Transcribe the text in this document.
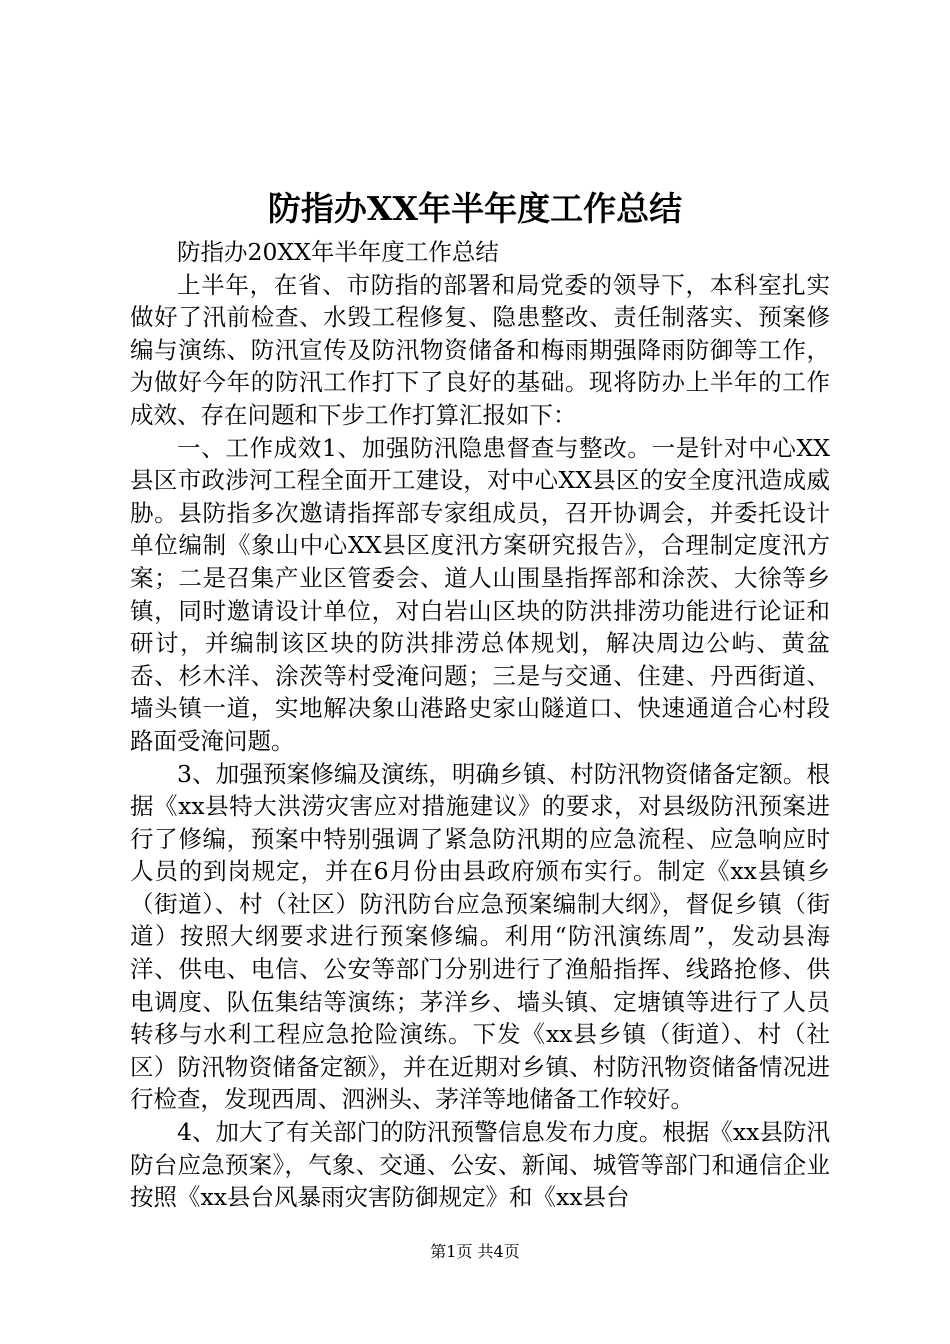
防指办XX年半年度工作总结

防指办20XX年半年度工作总结

上半年，在省、市防指的部署和局党委的领导下，本科室扎实做好了汛前检查、水毁工程修复、隐患整改、责任制落实、预案修编与演练、防汛宣传及防汛物资储备和梅雨期强降雨防御等工作，为做好今年的防汛工作打下了良好的基础。现将防办上半年的工作成效、存在问题和下步工作打算汇报如下：

一、工作成效1、加强防汛隐患督查与整改。一是针对中心XX县区市政涉河工程全面开工建设，对中心XX县区的安全度汛造成威胁。县防指多次邀请指挥部专家组成员，召开协调会，并委托设计单位编制《象山中心XX县区度汛方案研究报告》，合理制定度汛方案；二是召集产业区管委会、道人山围垦指挥部和涂茨、大徐等乡镇，同时邀请设计单位，对白岩山区块的防洪排涝功能进行论证和研讨，并编制该区块的防洪排涝总体规划，解决周边公屿、黄盆岙、杉木洋、涂茨等村受淹问题；三是与交通、住建、丹西街道、墙头镇一道，实地解决象山港路史家山隧道口、快速通道合心村段路面受淹问题。

3、加强预案修编及演练，明确乡镇、村防汛物资储备定额。根据《xx县特大洪涝灾害应对措施建议》的要求，对县级防汛预案进行了修编，预案中特别强调了紧急防汛期的应急流程、应急响应时人员的到岗规定，并在6月份由县政府颁布实行。制定《xx县镇乡（街道）、村（社区）防汛防台应急预案编制大纲》，督促乡镇（街道）按照大纲要求进行预案修编。利用“防汛演练周”，发动县海洋、供电、电信、公安等部门分别进行了渔船指挥、线路抢修、供电调度、队伍集结等演练；茅洋乡、墙头镇、定塘镇等进行了人员转移与水利工程应急抢险演练。下发《xx县乡镇（街道）、村（社区）防汛物资储备定额》，并在近期对乡镇、村防汛物资储备情况进行检查，发现西周、泗洲头、茅洋等地储备工作较好。

4、加大了有关部门的防汛预警信息发布力度。根据《xx县防汛防台应急预案》，气象、交通、公安、新闻、城管等部门和通信企业按照《xx县台风暴雨灾害防御规定》和《xx县台

第1页 共4页
